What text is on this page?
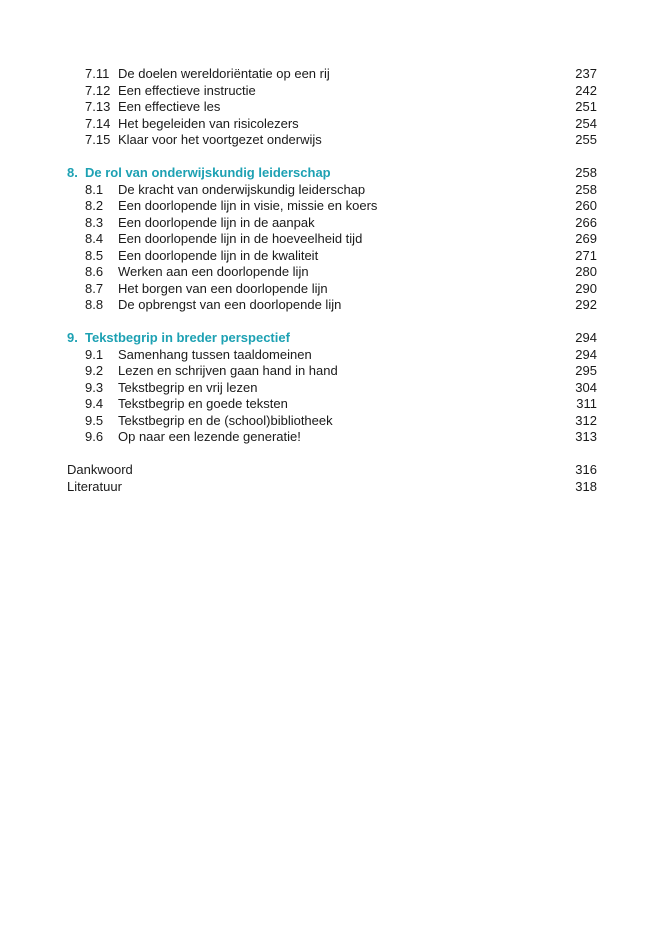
7.11 De doelen wereldoriëntatie op een rij	237
7.12 Een effectieve instructie	242
7.13 Een effectieve les	251
7.14 Het begeleiden van risicolezers	254
7.15 Klaar voor het voortgezet onderwijs	255
8. De rol van onderwijskundig leiderschap	258
8.1 De kracht van onderwijskundig leiderschap	258
8.2 Een doorlopende lijn in visie, missie en koers	260
8.3 Een doorlopende lijn in de aanpak	266
8.4 Een doorlopende lijn in de hoeveelheid tijd	269
8.5 Een doorlopende lijn in de kwaliteit	271
8.6 Werken aan een doorlopende lijn	280
8.7 Het borgen van een doorlopende lijn	290
8.8 De opbrengst van een doorlopende lijn	292
9. Tekstbegrip in breder perspectief	294
9.1 Samenhang tussen taaldomeinen	294
9.2 Lezen en schrijven gaan hand in hand	295
9.3 Tekstbegrip en vrij lezen	304
9.4 Tekstbegrip en goede teksten	311
9.5 Tekstbegrip en de (school)bibliotheek	312
9.6 Op naar een lezende generatie!	313
Dankwoord	316
Literatuur	318
